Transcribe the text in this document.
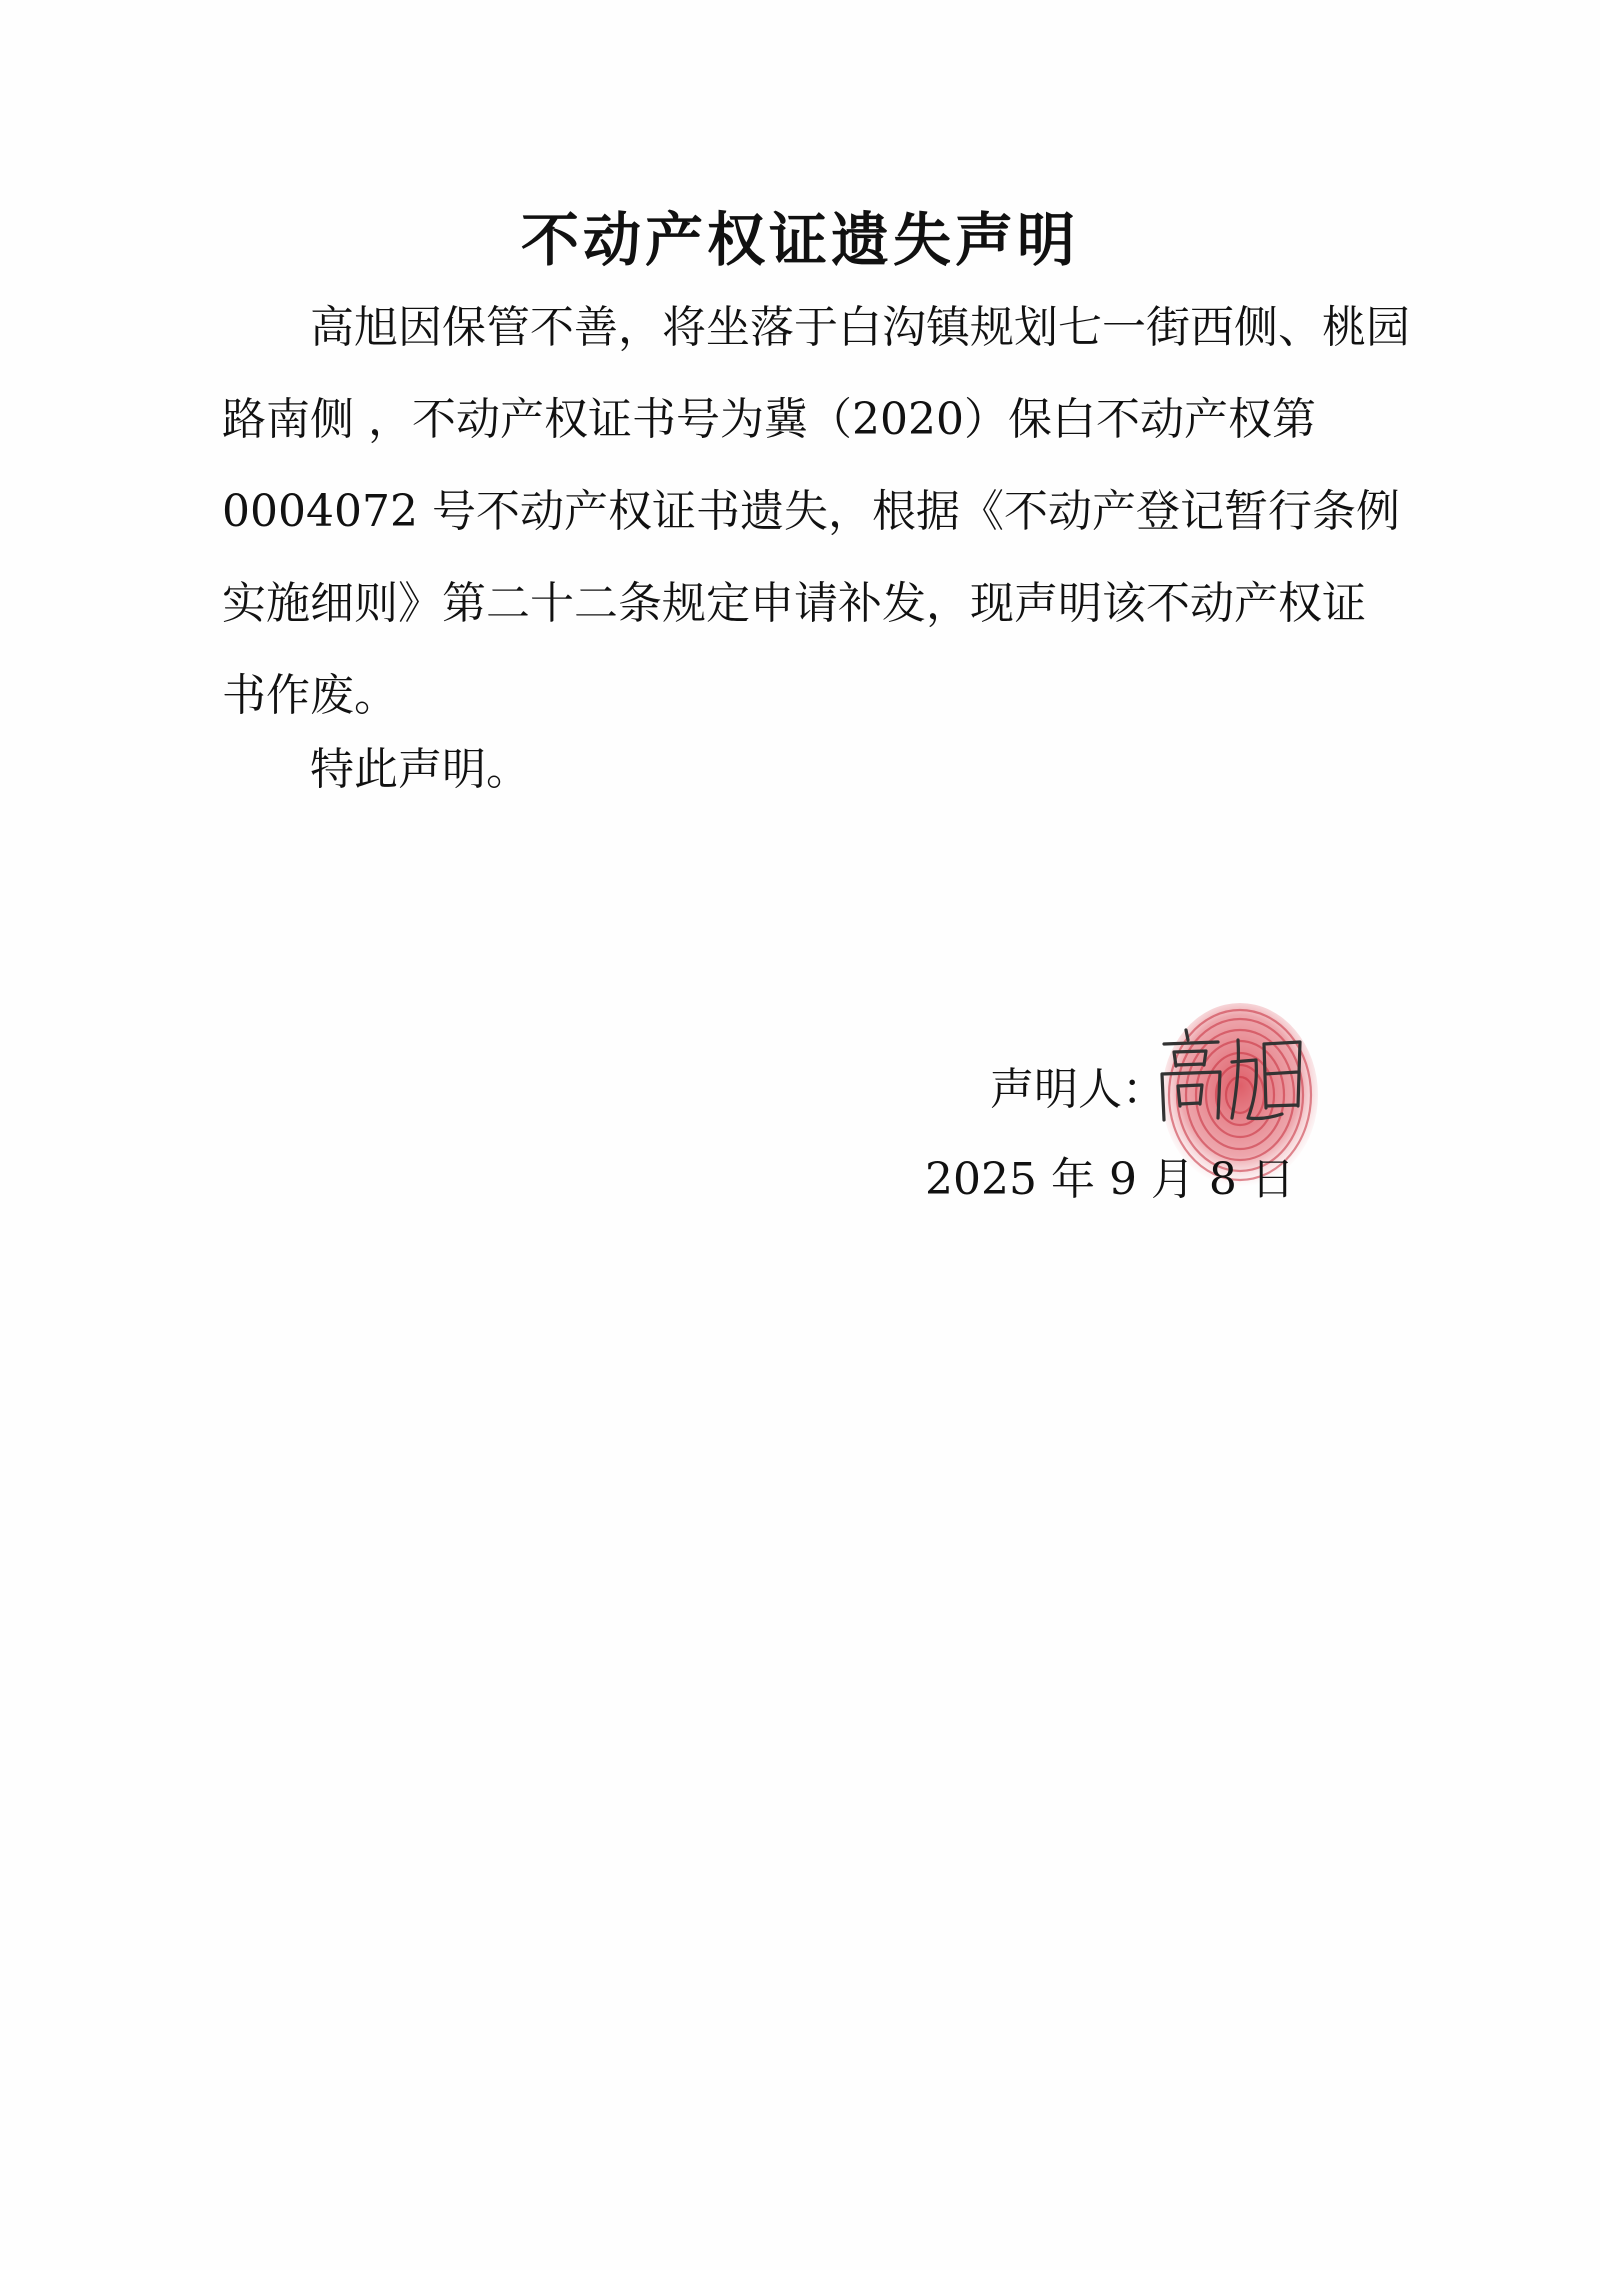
不动产权证遗失声明
高旭因保管不善，将坐落于白沟镇规划七一街西侧、桃园
路南侧 ，不动产权证书号为冀（2020）保白不动产权第
0004072 号不动产权证书遗失，根据《不动产登记暂行条例
实施细则》第二十二条规定申请补发，现声明该不动产权证
书作废。
特此声明。
声明人：
2025 年 9 月 8 日
